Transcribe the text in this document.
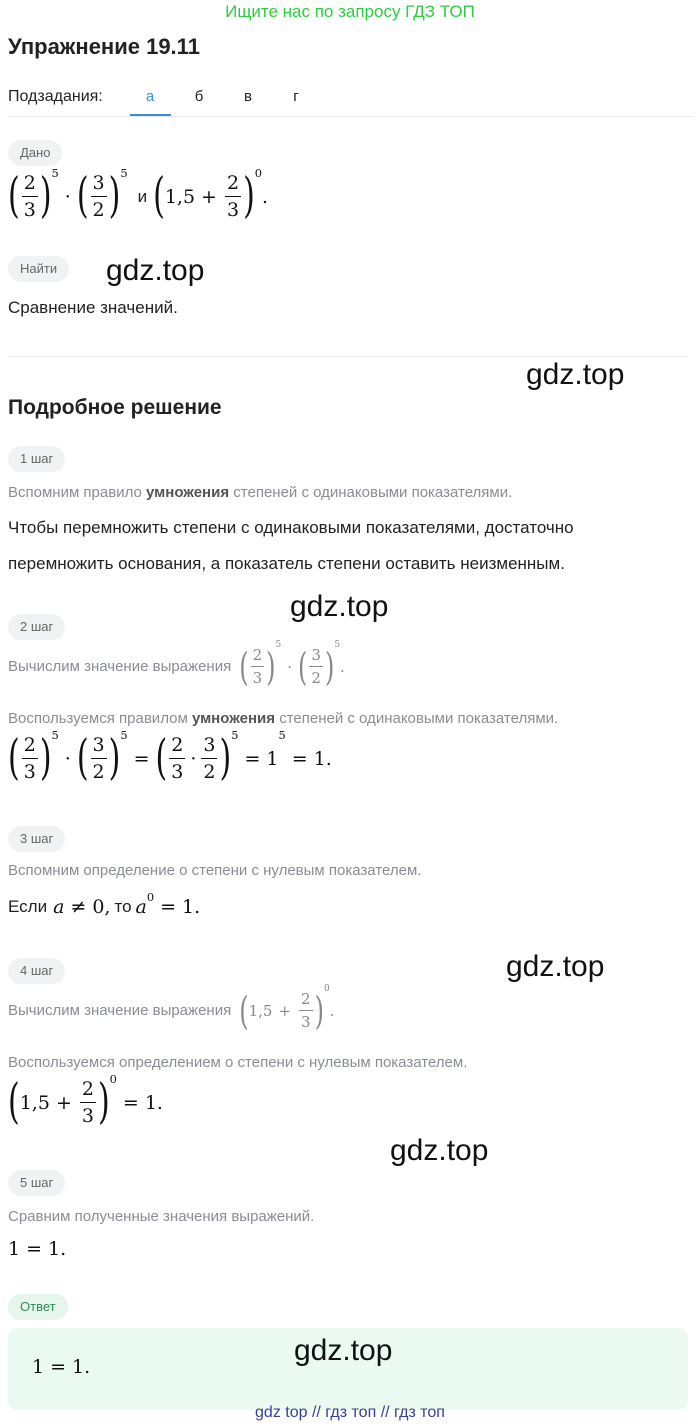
Ищите нас по запросу ГДЗ ТОП
Упражнение 19.11
Подзадания:	а	б	в	г
Дано
( $\frac{2}{3}$ ) 5
· ( $\frac{3}{2}$ ) 5
и ( $1,5 + \frac{2}{3}$ ) 0
.
Найти	gdz.top
Сравнение значений.
gdz.top
Подробное решение
1 шаг
Вспомним правило умножения степеней с одинаковыми показателями.
Чтобы перемножить степени с одинаковыми показателями, достаточно
перемножить основания, а показатель степени оставить неизменным.
gdz.top
2 шаг
Вычислим значение выражения ( $\frac{2}{3}$ ) 5
· ( $\frac{3}{2}$ ) 5
.
Воспользуемся правилом умножения степеней с одинаковыми показателями.
( $\frac{2}{3}$ ) 5
· ( $\frac{3}{2}$ ) 5
= ( $\frac{2}{3} \cdot \frac{3}{2}$ ) 5
= 1
5
= 1.
3 шаг
Вспомним определение о степени с нулевым показателем.
Если a ≠ 0, то a 0 = 1.
gdz.top
4 шаг
Вычислим значение выражения ( $1,5 + \frac{2}{3}$ ) 0
.
Воспользуемся определением о степени с нулевым показателем.
( $1,5 + \frac{2}{3}$ ) 0
= 1.
gdz.top
5 шаг
Сравним полученные значения выражений.
1 = 1.
Ответ
1 = 1.	gdz.top
gdz top // гдз топ // гдз топ
